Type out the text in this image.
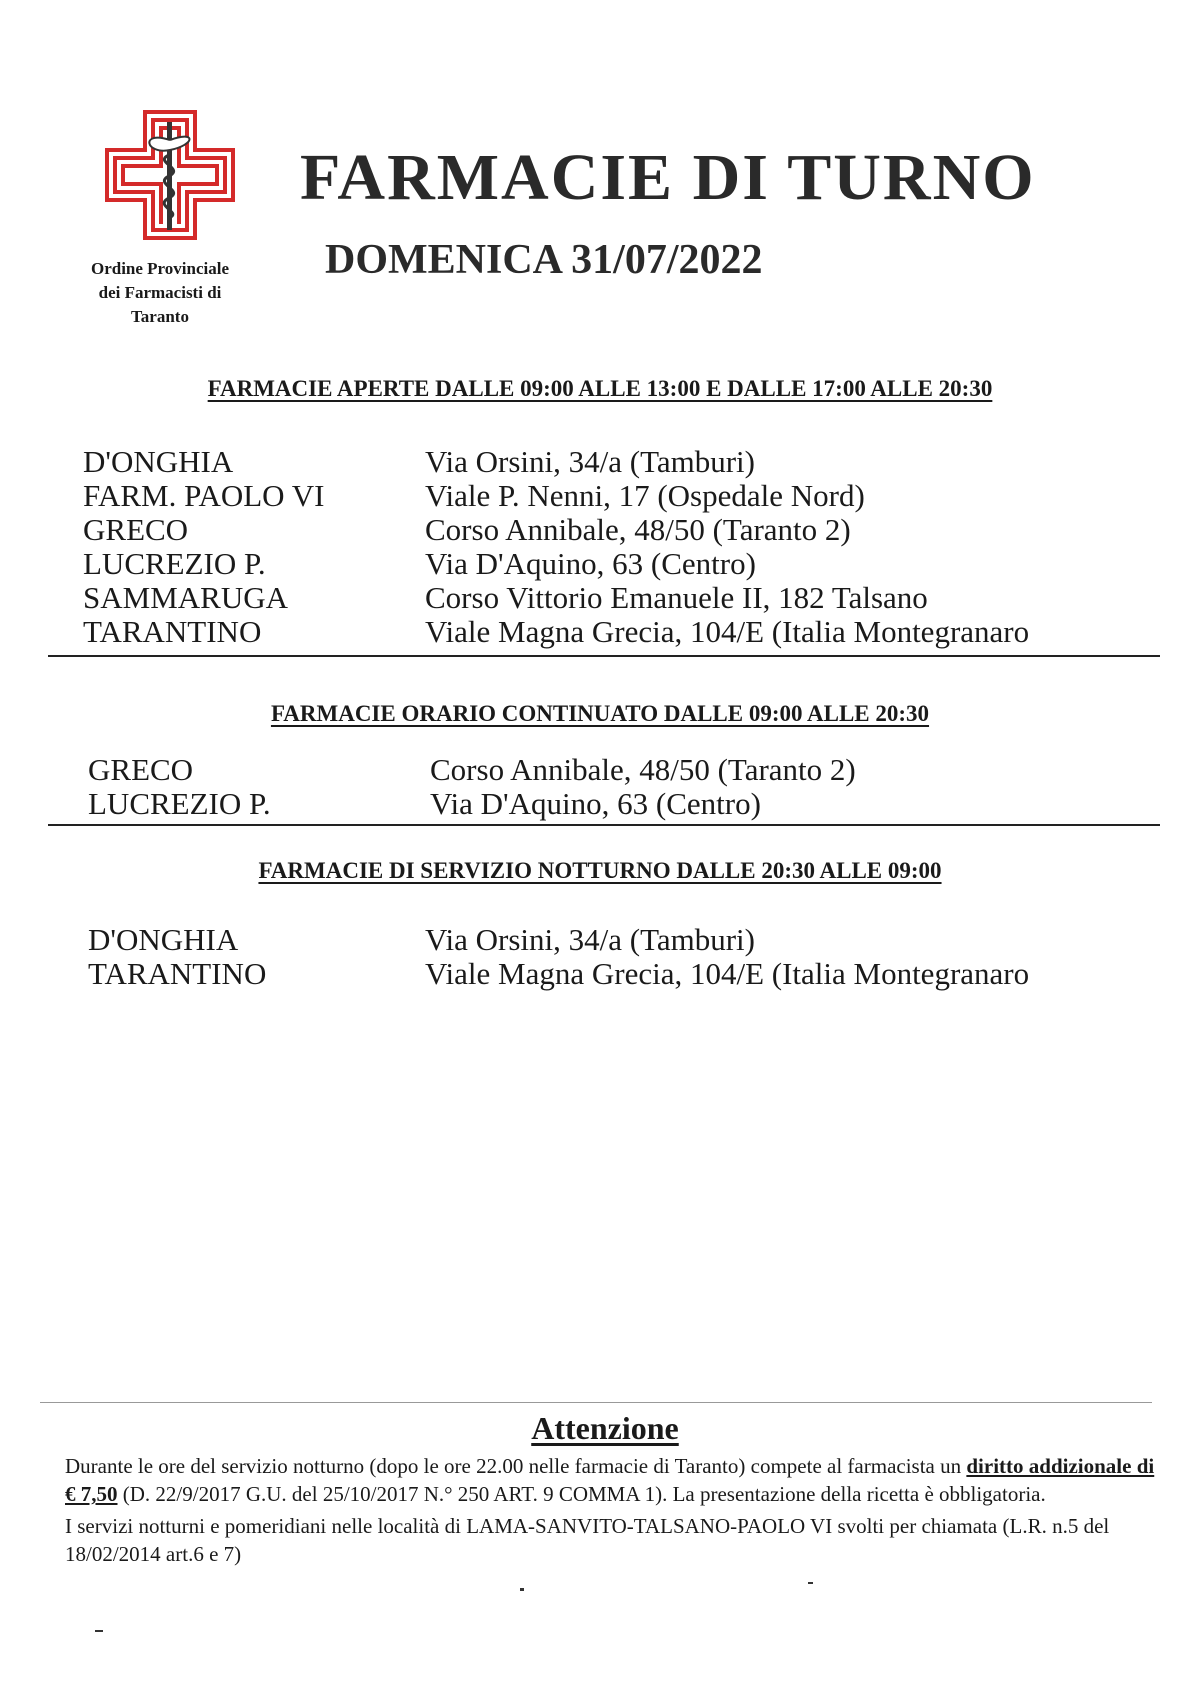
Ordine Provinciale
dei Farmacisti di
Taranto
FARMACIE DI TURNO
DOMENICA 31/07/2022
FARMACIE APERTE DALLE 09:00 ALLE 13:00 E DALLE 17:00 ALLE 20:30
D'ONGHIA	Via Orsini, 34/a (Tamburi)
FARM. PAOLO VI	Viale P. Nenni, 17 (Ospedale Nord)
GRECO	Corso Annibale, 48/50 (Taranto 2)
LUCREZIO P.	Via D'Aquino, 63 (Centro)
SAMMARUGA	Corso Vittorio Emanuele II, 182 Talsano
TARANTINO	Viale Magna Grecia, 104/E (Italia Montegranaro
FARMACIE ORARIO CONTINUATO DALLE 09:00 ALLE 20:30
GRECO	Corso Annibale, 48/50 (Taranto 2)
LUCREZIO P.	Via D'Aquino, 63 (Centro)
FARMACIE DI SERVIZIO NOTTURNO DALLE 20:30 ALLE 09:00
D'ONGHIA	Via Orsini, 34/a (Tamburi)
TARANTINO	Viale Magna Grecia, 104/E (Italia Montegranaro
Attenzione

Durante le ore del servizio notturno (dopo le ore 22.00 nelle farmacie di Taranto) compete al farmacista un diritto addizionale di € 7,50 (D. 22/9/2017 G.U. del 25/10/2017 N.° 250 ART. 9 COMMA 1). La presentazione della ricetta è obbligatoria.

I servizi notturni e pomeridiani nelle località di LAMA-SANVITO-TALSANO-PAOLO VI svolti per chiamata (L.R. n.5 del 18/02/2014 art.6 e 7)
